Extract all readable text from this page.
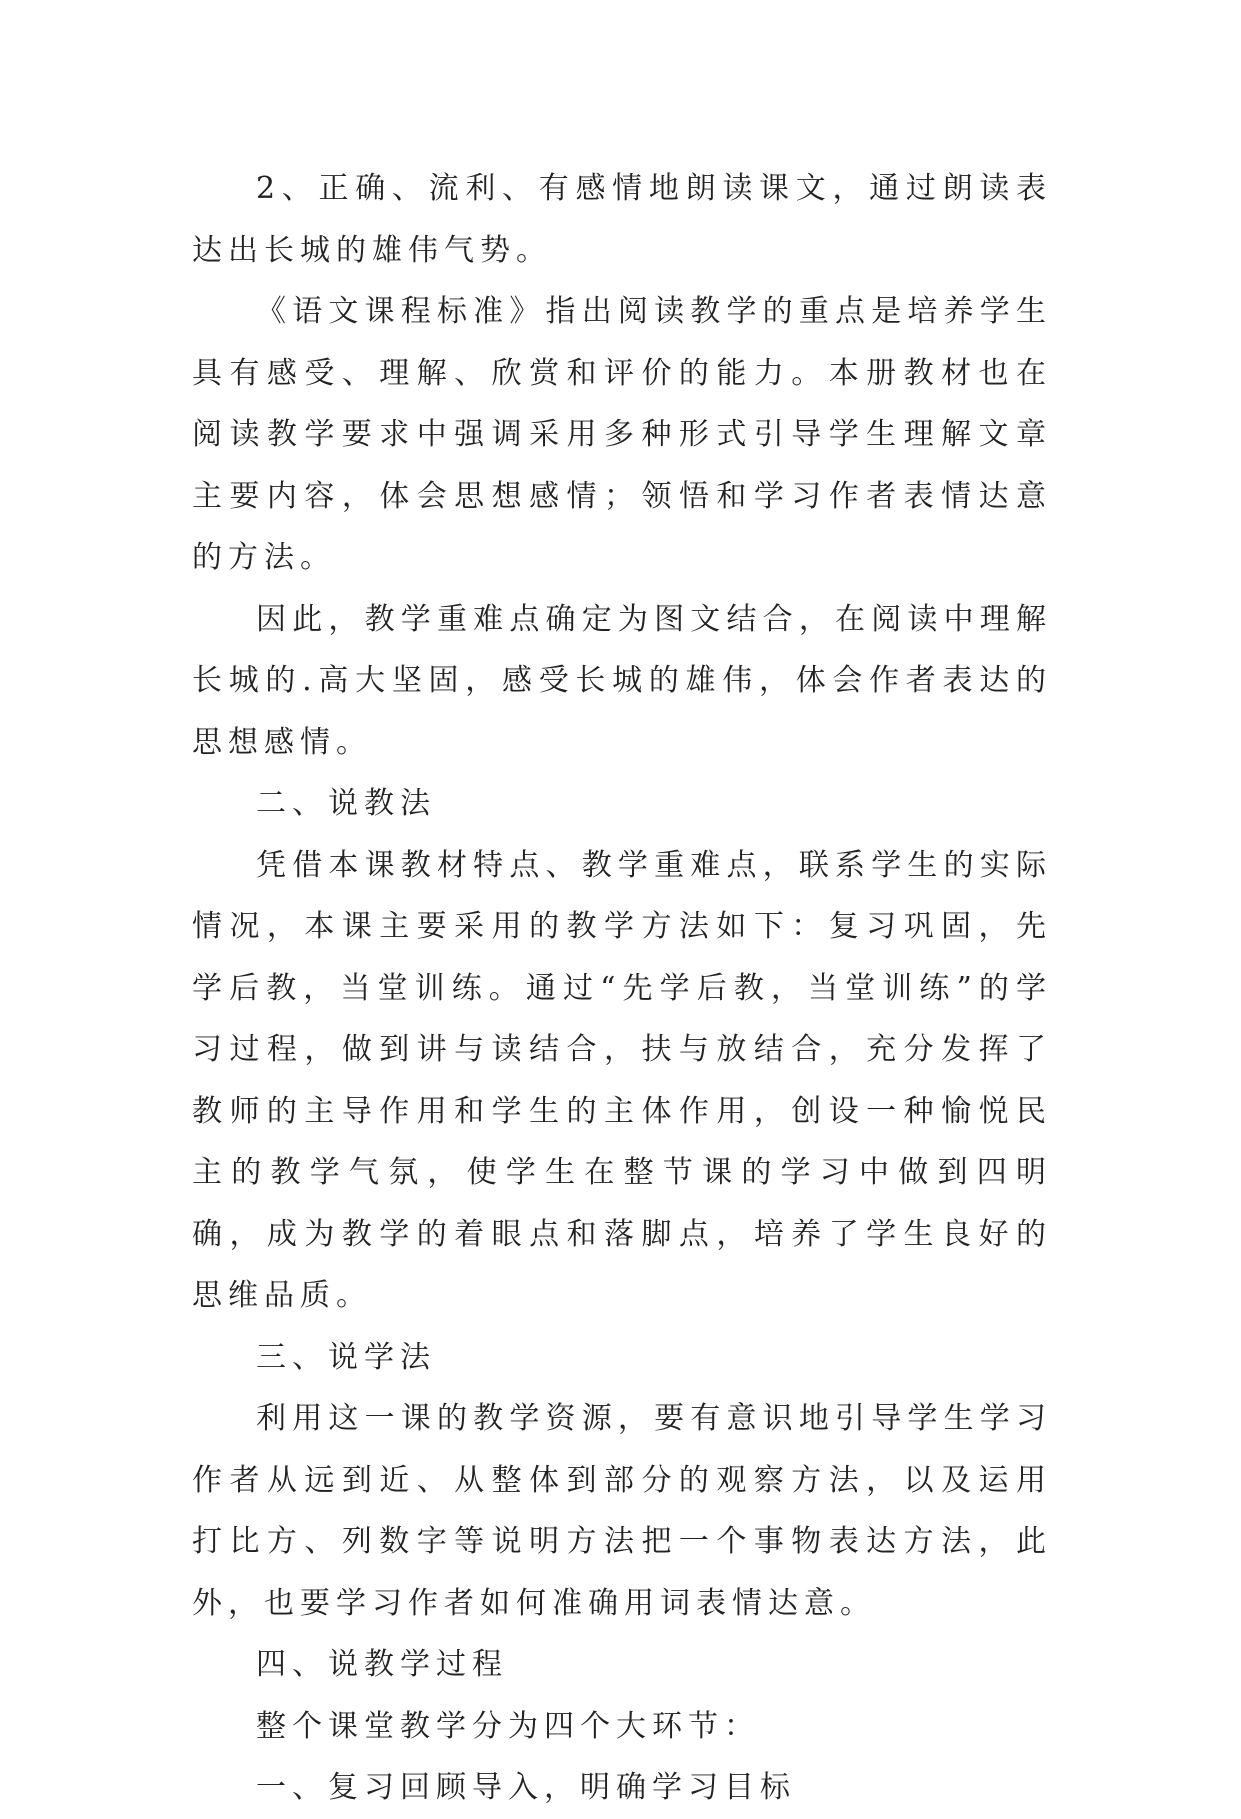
2、正确、流利、有感情地朗读课文，通过朗读表达出长城的雄伟气势。

《语文课程标准》指出阅读教学的重点是培养学生具有感受、理解、欣赏和评价的能力。本册教材也在阅读教学要求中强调采用多种形式引导学生理解文章主要内容，体会思想感情；领悟和学习作者表情达意的方法。

因此，教学重难点确定为图文结合，在阅读中理解长城的.高大坚固，感受长城的雄伟，体会作者表达的思想感情。

二、说教法

凭借本课教材特点、教学重难点，联系学生的实际情况，本课主要采用的教学方法如下：复习巩固，先学后教，当堂训练。通过“先学后教，当堂训练”的学习过程，做到讲与读结合，扶与放结合，充分发挥了教师的主导作用和学生的主体作用，创设一种愉悦民主的教学气氛，使学生在整节课的学习中做到四明确，成为教学的着眼点和落脚点，培养了学生良好的思维品质。

三、说学法

利用这一课的教学资源，要有意识地引导学生学习作者从远到近、从整体到部分的观察方法，以及运用打比方、列数字等说明方法把一个事物表达方法，此外，也要学习作者如何准确用词表情达意。

四、说教学过程

整个课堂教学分为四个大环节：

一、复习回顾导入，明确学习目标
